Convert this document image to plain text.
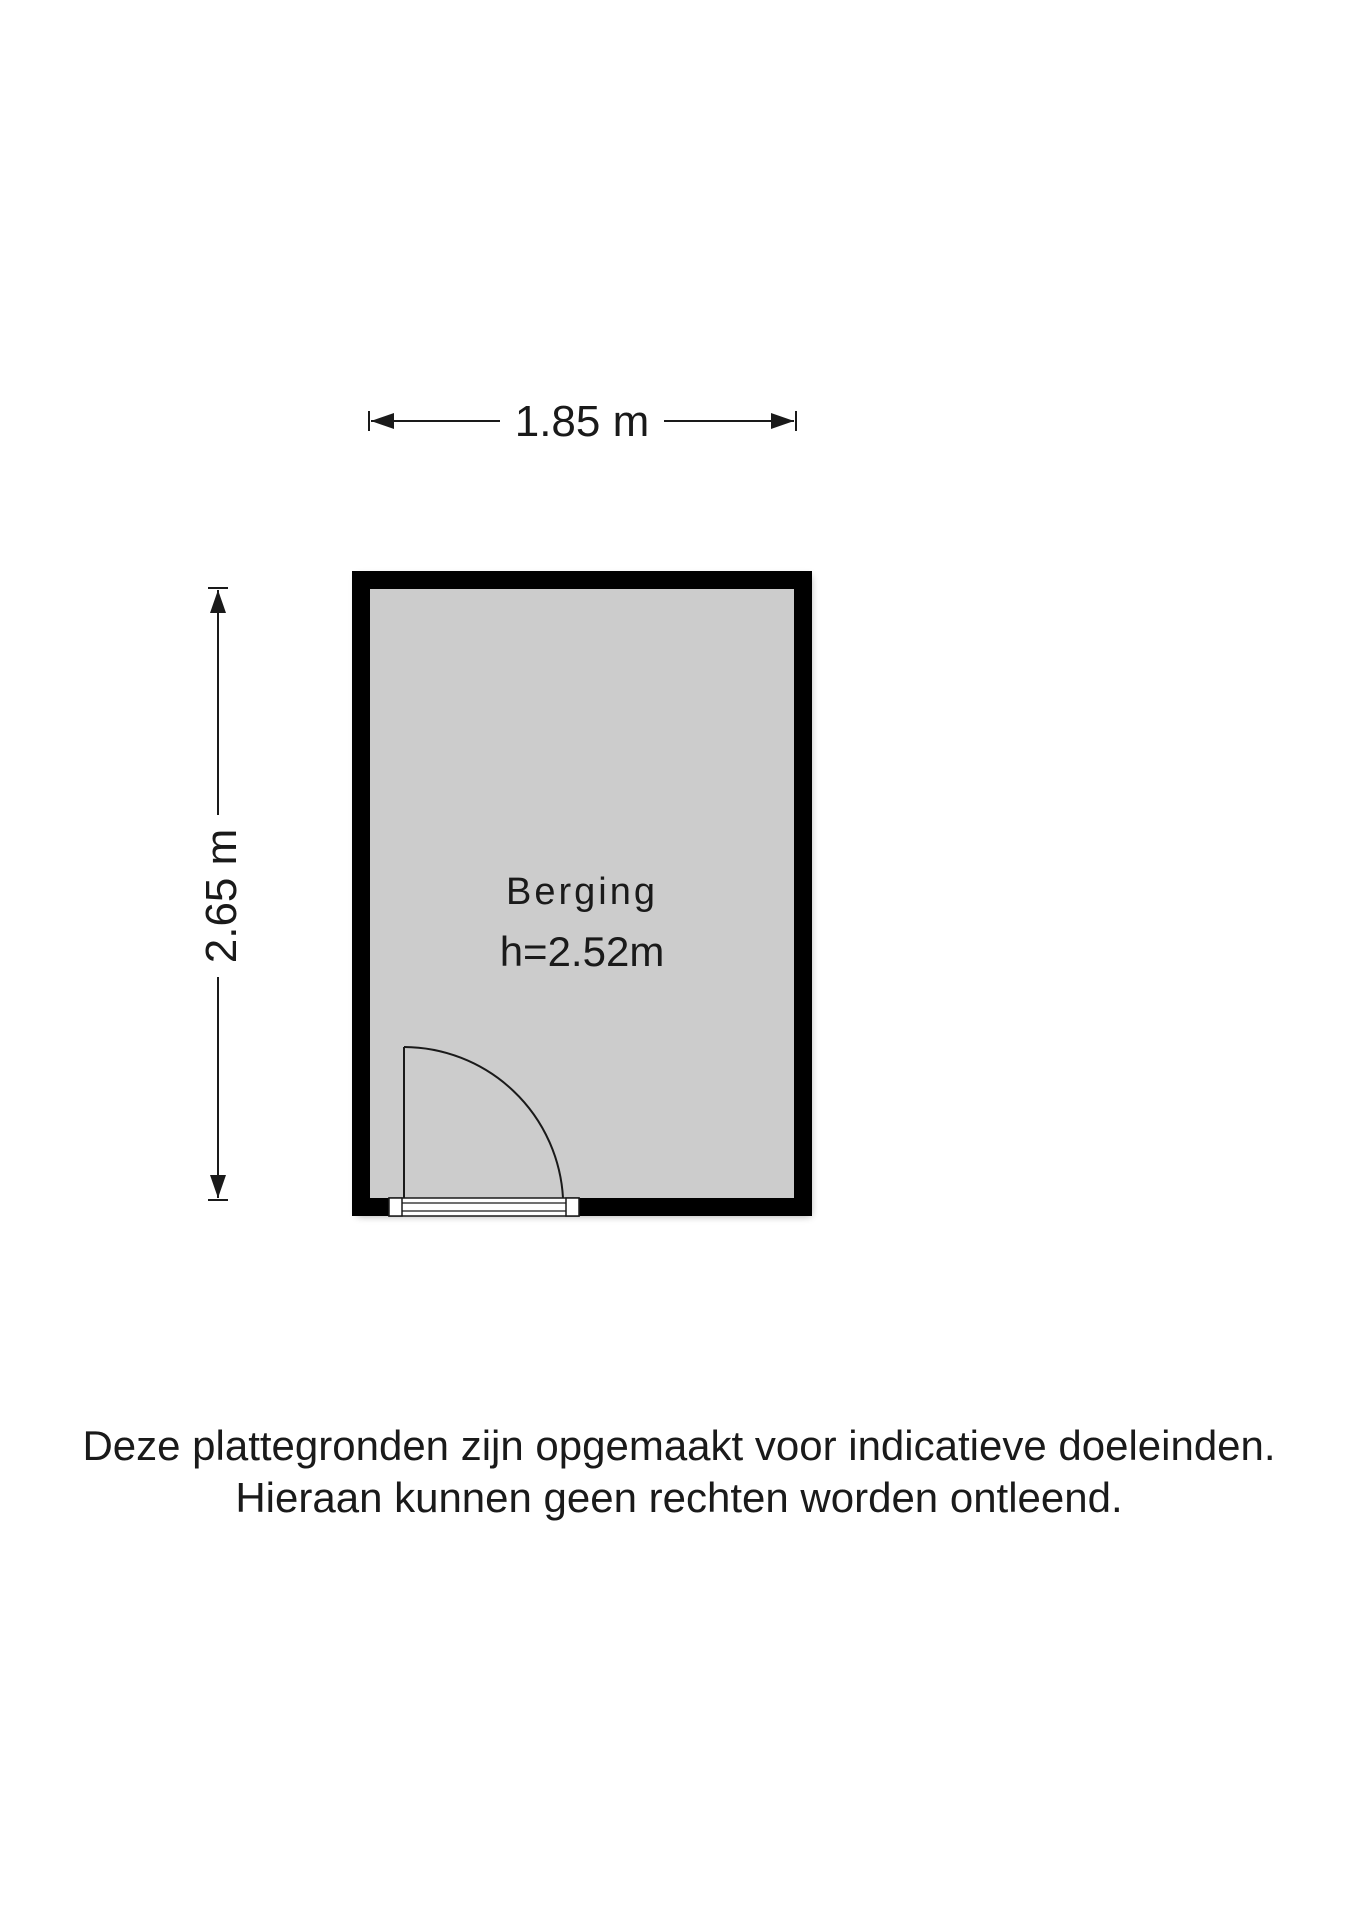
1.85 m
2.65 m	Berging
h=2.52m
Deze plattegronden zijn opgemaakt voor indicatieve doeleinden.
Hieraan kunnen geen rechten worden ontleend.
